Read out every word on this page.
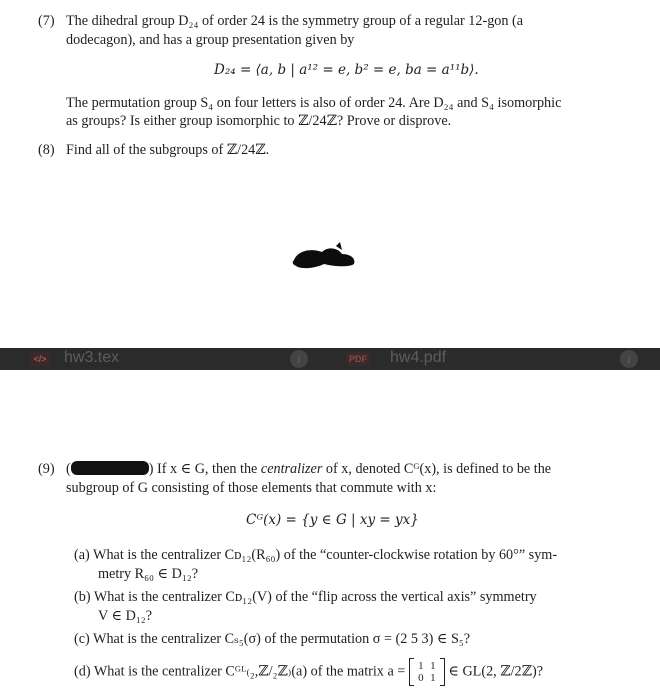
(7) The dihedral group D₂₄ of order 24 is the symmetry group of a regular 12-gon (a
dodecagon), and has a group presentation given by
D₂₄ = ⟨a, b | a¹² = e, b² = e, ba = a¹¹b⟩.
The permutation group S₄ on four letters is also of order 24. Are D₂₄ and S₄ isomorphic
as groups? Is either group isomorphic to ℤ/24ℤ? Prove or disprove.
(8) Find all of the subgroups of ℤ/24ℤ.
</> hw3.tex	i	PDF hw4.pdf	i
(9) (	) If x ∈ G, then the centralizer of x, denoted Cᴳ(x), is defined to be the
subgroup of G consisting of those elements that commute with x:
Cᴳ(x) = {y ∈ G | xy = yx}
(a) What is the centralizer Cᴅ₁₂(R₆₀) of the “counter-clockwise rotation by 60°” sym-
metry R₆₀ ∈ D₁₂?
(b) What is the centralizer Cᴅ₁₂(V) of the “flip across the vertical axis” symmetry
V ∈ D₁₂?
(c) What is the centralizer Cₛ₅(σ) of the permutation σ = (2 5 3) ∈ S₅?
(d) What is the centralizer Cᴳᴸ₍₂,ℤ/₂ℤ₎(a) of the matrix a = 1 1
0 1 ∈ GL(2, ℤ/2ℤ)?
